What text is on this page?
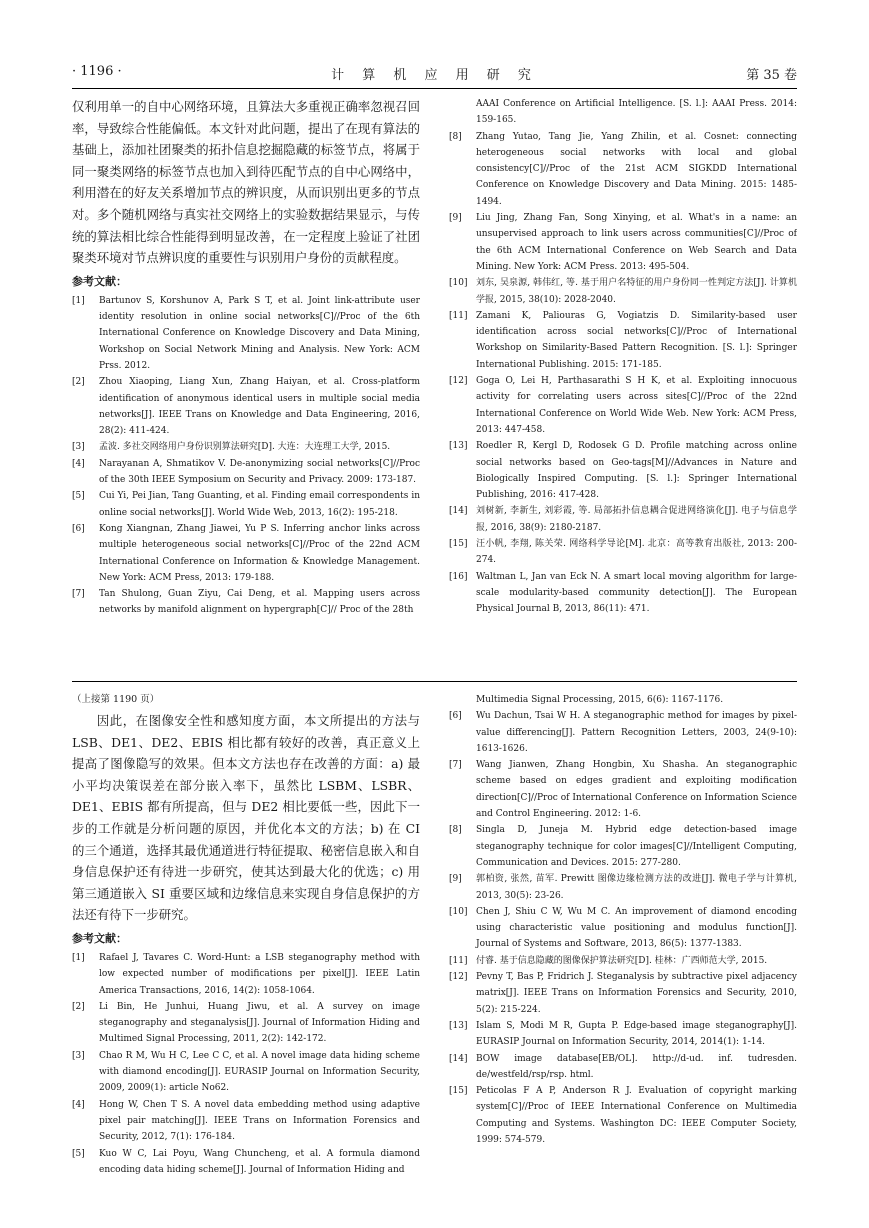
· 1196 ·	计 算 机 应 用 研 究	第 35 卷

仅利用单一的自中心网络环境，且算法大多重视正确率忽视召回率，导致综合性能偏低。本文针对此问题，提出了在现有算法的基础上，添加社团聚类的拓扑信息挖掘隐藏的标签节点，将属于同一聚类网络的标签节点也加入到待匹配节点的自中心网络中，利用潜在的好友关系增加节点的辨识度，从而识别出更多的节点对。多个随机网络与真实社交网络上的实验数据结果显示，与传统的算法相比综合性能得到明显改善，在一定程度上验证了社团聚类环境对节点辨识度的重要性与识别用户身份的贡献程度。

参考文献：
[1]	Bartunov S, Korshunov A, Park S T, et al. Joint link-attribute user identity resolution in online social networks[C]//Proc of the 6th International Conference on Knowledge Discovery and Data Mining, Workshop on Social Network Mining and Analysis. New York: ACM Prss. 2012.
[2]	Zhou Xiaoping, Liang Xun, Zhang Haiyan, et al. Cross-platform identification of anonymous identical users in multiple social media networks[J]. IEEE Trans on Knowledge and Data Engineering, 2016, 28(2): 411-424.
[3]	孟波. 多社交网络用户身份识别算法研究[D]. 大连：大连理工大学, 2015.
[4]	Narayanan A, Shmatikov V. De-anonymizing social networks[C]//Proc of the 30th IEEE Symposium on Security and Privacy. 2009: 173-187.
[5]	Cui Yi, Pei Jian, Tang Guanting, et al. Finding email correspondents in online social networks[J]. World Wide Web, 2013, 16(2): 195-218.
[6]	Kong Xiangnan, Zhang Jiawei, Yu P S. Inferring anchor links across multiple heterogeneous social networks[C]//Proc of the 22nd ACM International Conference on Information & Knowledge Management. New York: ACM Press, 2013: 179-188.
[7]	Tan Shulong, Guan Ziyu, Cai Deng, et al. Mapping users across networks by manifold alignment on hypergraph[C]// Proc of the 28th
AAAI Conference on Artificial Intelligence. [S. l.]: AAAI Press. 2014: 159-165.
[8]	Zhang Yutao, Tang Jie, Yang Zhilin, et al. Cosnet: connecting heterogeneous social networks with local and global consistency[C]//Proc of the 21st ACM SIGKDD International Conference on Knowledge Discovery and Data Mining. 2015: 1485-1494.
[9]	Liu Jing, Zhang Fan, Song Xinying, et al. What's in a name: an unsupervised approach to link users across communities[C]//Proc of the 6th ACM International Conference on Web Search and Data Mining. New York: ACM Press. 2013: 495-504.
[10] 刘东, 吴泉源, 韩伟红, 等. 基于用户名特征的用户身份同一性判定方法[J]. 计算机学报, 2015, 38(10): 2028-2040.
[11] Zamani K, Paliouras G, Vogiatzis D. Similarity-based user identification across social networks[C]//Proc of International Workshop on Similarity-Based Pattern Recognition. [S. l.]: Springer International Publishing. 2015: 171-185.
[12] Goga O, Lei H, Parthasarathi S H K, et al. Exploiting innocuous activity for correlating users across sites[C]//Proc of the 22nd International Conference on World Wide Web. New York: ACM Press, 2013: 447-458.
[13] Roedler R, Kergl D, Rodosek G D. Profile matching across online social networks based on Geo-tags[M]//Advances in Nature and Biologically Inspired Computing. [S. l.]: Springer International Publishing, 2016: 417-428.
[14] 刘树新, 李新生, 刘彩霞, 等. 局部拓扑信息耦合促进网络演化[J]. 电子与信息学报, 2016, 38(9): 2180-2187.
[15] 汪小帆, 李翔, 陈关荣. 网络科学导论[M]. 北京：高等教育出版社, 2013: 200-274.
[16] Waltman L, Jan van Eck N. A smart local moving algorithm for large-scale modularity-based community detection[J]. The European Physical Journal B, 2013, 86(11): 471.
（上接第 1190 页）

因此，在图像安全性和感知度方面，本文所提出的方法与 LSB、DE1、DE2、EBIS 相比都有较好的改善，真正意义上提高了图像隐写的效果。但本文方法也存在改善的方面：a) 最小平均决策误差在部分嵌入率下，虽然比 LSBM、LSBR、DE1、EBIS 都有所提高，但与 DE2 相比要低一些，因此下一步的工作就是分析问题的原因，并优化本文的方法；b) 在 CI 的三个通道，选择其最优通道进行特征提取、秘密信息嵌入和自身信息保护还有待进一步研究，使其达到最大化的优选；c) 用第三通道嵌入 SI 重要区域和边缘信息来实现自身信息保护的方法还有待下一步研究。

参考文献：
[1]	Rafael J, Tavares C. Word-Hunt: a LSB steganography method with low expected number of modifications per pixel[J]. IEEE Latin America Transactions, 2016, 14(2): 1058-1064.
[2]	Li Bin, He Junhui, Huang Jiwu, et al. A survey on image steganography and steganalysis[J]. Journal of Information Hiding and Multimed Signal Processing, 2011, 2(2): 142-172.
[3]	Chao R M, Wu H C, Lee C C, et al. A novel image data hiding scheme with diamond encoding[J]. EURASIP Journal on Information Security, 2009, 2009(1): article No62.
[4]	Hong W, Chen T S. A novel data embedding method using adaptive pixel pair matching[J]. IEEE Trans on Information Forensics and Security, 2012, 7(1): 176-184.
[5]	Kuo W C, Lai Poyu, Wang Chuncheng, et al. A formula diamond encoding data hiding scheme[J]. Journal of Information Hiding and
Multimedia Signal Processing, 2015, 6(6): 1167-1176.
[6]	Wu Dachun, Tsai W H. A steganographic method for images by pixel-value differencing[J]. Pattern Recognition Letters, 2003, 24(9-10): 1613-1626.
[7]	Wang Jianwen, Zhang Hongbin, Xu Shasha. An steganographic scheme based on edges gradient and exploiting modification direction[C]//Proc of International Conference on Information Science and Control Engineering. 2012: 1-6.
[8]	Singla D, Juneja M. Hybrid edge detection-based image steganography technique for color images[C]//Intelligent Computing, Communication and Devices. 2015: 277-280.
[9]	郭柏资, 张然, 苗军. Prewitt 图像边缘检测方法的改进[J]. 微电子学与计算机, 2013, 30(5): 23-26.
[10] Chen J, Shiu C W, Wu M C. An improvement of diamond encoding using characteristic value positioning and modulus function[J]. Journal of Systems and Software, 2013, 86(5): 1377-1383.
[11] 付睿. 基于信息隐藏的图像保护算法研究[D]. 桂林：广西师范大学, 2015.
[12] Pevny T, Bas P, Fridrich J. Steganalysis by subtractive pixel adjacency matrix[J]. IEEE Trans on Information Forensics and Security, 2010, 5(2): 215-224.
[13] Islam S, Modi M R, Gupta P. Edge-based image steganography[J]. EURASIP Journal on Information Security, 2014, 2014(1): 1-14.
[14] BOW image database[EB/OL]. http://d-ud. inf. tudresden. de/westfeld/rsp/rsp. html.
[15] Peticolas F A P, Anderson R J. Evaluation of copyright marking system[C]//Proc of IEEE International Conference on Multimedia Computing and Systems. Washington DC: IEEE Computer Society, 1999: 574-579.
